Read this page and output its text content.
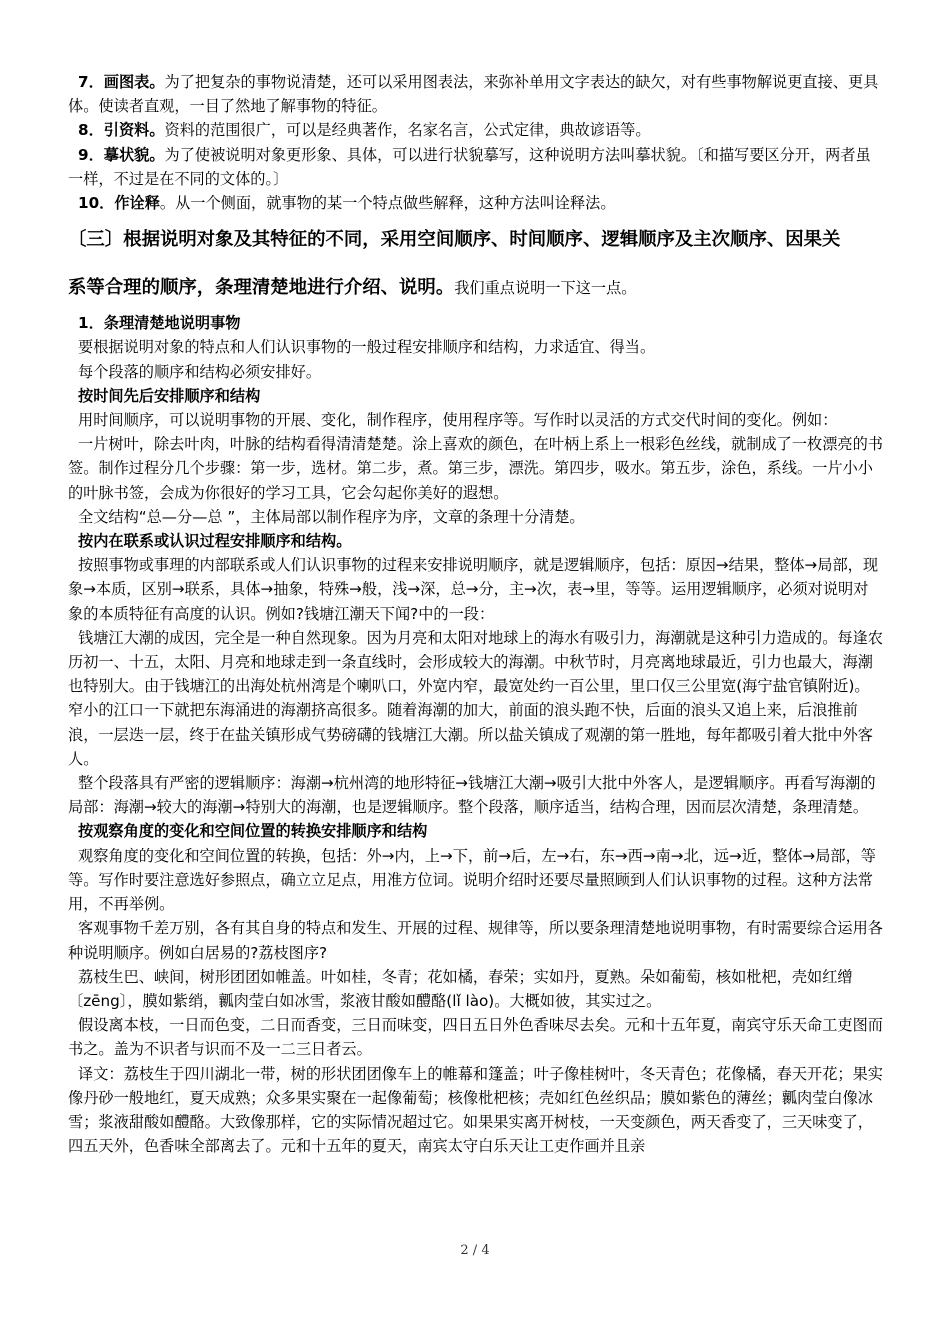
7．画图表。为了把复杂的事物说清楚，还可以采用图表法，来弥补单用文字表达的缺欠，对有些事物解说更直接、更具体。使读者直观，一目了然地了解事物的特征。

8．引资料。资料的范围很广，可以是经典著作，名家名言，公式定律，典故谚语等。

9．摹状貌。为了使被说明对象更形象、具体，可以进行状貌摹写，这种说明方法叫摹状貌。〔和描写要区分开，两者虽一样，不过是在不同的文体的。〕

10．作诠释。从一个侧面，就事物的某一个特点做些解释，这种方法叫诠释法。

〔三〕根据说明对象及其特征的不同，采用空间顺序、时间顺序、逻辑顺序及主次顺序、因果关
系等合理的顺序，条理清楚地进行介绍、说明。我们重点说明一下这一点。

1．条理清楚地说明事物

要根据说明对象的特点和人们认识事物的一般过程安排顺序和结构，力求适宜、得当。

每个段落的顺序和结构必须安排好。

按时间先后安排顺序和结构

用时间顺序，可以说明事物的开展、变化，制作程序，使用程序等。写作时以灵活的方式交代时间的变化。例如：

一片树叶，除去叶肉，叶脉的结构看得清清楚楚。涂上喜欢的颜色，在叶柄上系上一根彩色丝线，就制成了一枚漂亮的书签。制作过程分几个步骤：第一步，选材。第二步，煮。第三步，漂洗。第四步，吸水。第五步，涂色，系线。一片小小的叶脉书签，会成为你很好的学习工具，它会勾起你美好的遐想。

全文结构“总—分—总 ”，主体局部以制作程序为序，文章的条理十分清楚。

按内在联系或认识过程安排顺序和结构。

按照事物或事理的内部联系或人们认识事物的过程来安排说明顺序，就是逻辑顺序，包括：原因→结果，整体→局部，现象→本质，区别→联系，具体→抽象，特殊→般，浅→深，总→分，主→次，表→里，等等。运用逻辑顺序，必须对说明对象的本质特征有高度的认识。例如?钱塘江潮天下闻?中的一段：

钱塘江大潮的成因，完全是一种自然现象。因为月亮和太阳对地球上的海水有吸引力，海潮就是这种引力造成的。每逢农历初一、十五，太阳、月亮和地球走到一条直线时，会形成较大的海潮。中秋节时，月亮离地球最近，引力也最大，海潮也特别大。由于钱塘江的出海处杭州湾是个喇叭口，外宽内窄，最宽处约一百公里，里口仅三公里宽(海宁盐官镇附近)。窄小的江口一下就把东海涌进的海潮挤高很多。随着海潮的加大，前面的浪头跑不快，后面的浪头又追上来，后浪推前浪，一层迭一层，终于在盐关镇形成气势磅礴的钱塘江大潮。所以盐关镇成了观潮的第一胜地，每年都吸引着大批中外客人。

整个段落具有严密的逻辑顺序：海潮→杭州湾的地形特征→钱塘江大潮→吸引大批中外客人，是逻辑顺序。再看写海潮的局部：海潮→较大的海潮→特别大的海潮，也是逻辑顺序。整个段落，顺序适当，结构合理，因而层次清楚，条理清楚。

按观察角度的变化和空间位置的转换安排顺序和结构

观察角度的变化和空间位置的转换，包括：外→内，上→下，前→后，左→右，东→西→南→北，远→近，整体→局部，等等。写作时要注意选好参照点，确立立足点，用准方位词。说明介绍时还要尽量照顾到人们认识事物的过程。这种方法常用，不再举例。

客观事物千差万别，各有其自身的特点和发生、开展的过程、规律等，所以要条理清楚地说明事物，有时需要综合运用各种说明顺序。例如白居易的?荔枝图序?

荔枝生巴、峡间，树形团团如帷盖。叶如桂，冬青；花如橘，春荣；实如丹，夏熟。朵如葡萄，核如枇杷，壳如红缯〔zēng〕，膜如紫绡，瓤肉莹白如冰雪，浆液甘酸如醴酪(lǐ lào)。大概如彼，其实过之。

假设离本枝，一日而色变，二日而香变，三日而味变，四日五日外色香味尽去矣。元和十五年夏，南宾守乐天命工吏图而书之。盖为不识者与识而不及一二三日者云。

译文：荔枝生于四川湖北一带，树的形状团团像车上的帷幕和篷盖；叶子像桂树叶，冬天青色；花像橘，春天开花；果实像丹砂一般地红，夏天成熟；众多果实聚在一起像葡萄；核像枇杷核；壳如红色丝织品；膜如紫色的薄丝；瓤肉莹白像冰雪；浆液甜酸如醴酪。大致像那样，它的实际情况超过它。如果果实离开树枝，一天变颜色，两天香变了，三天味变了，四五天外，色香味全部离去了。元和十五年的夏天，南宾太守白乐天让工吏作画并且亲

2 / 4
